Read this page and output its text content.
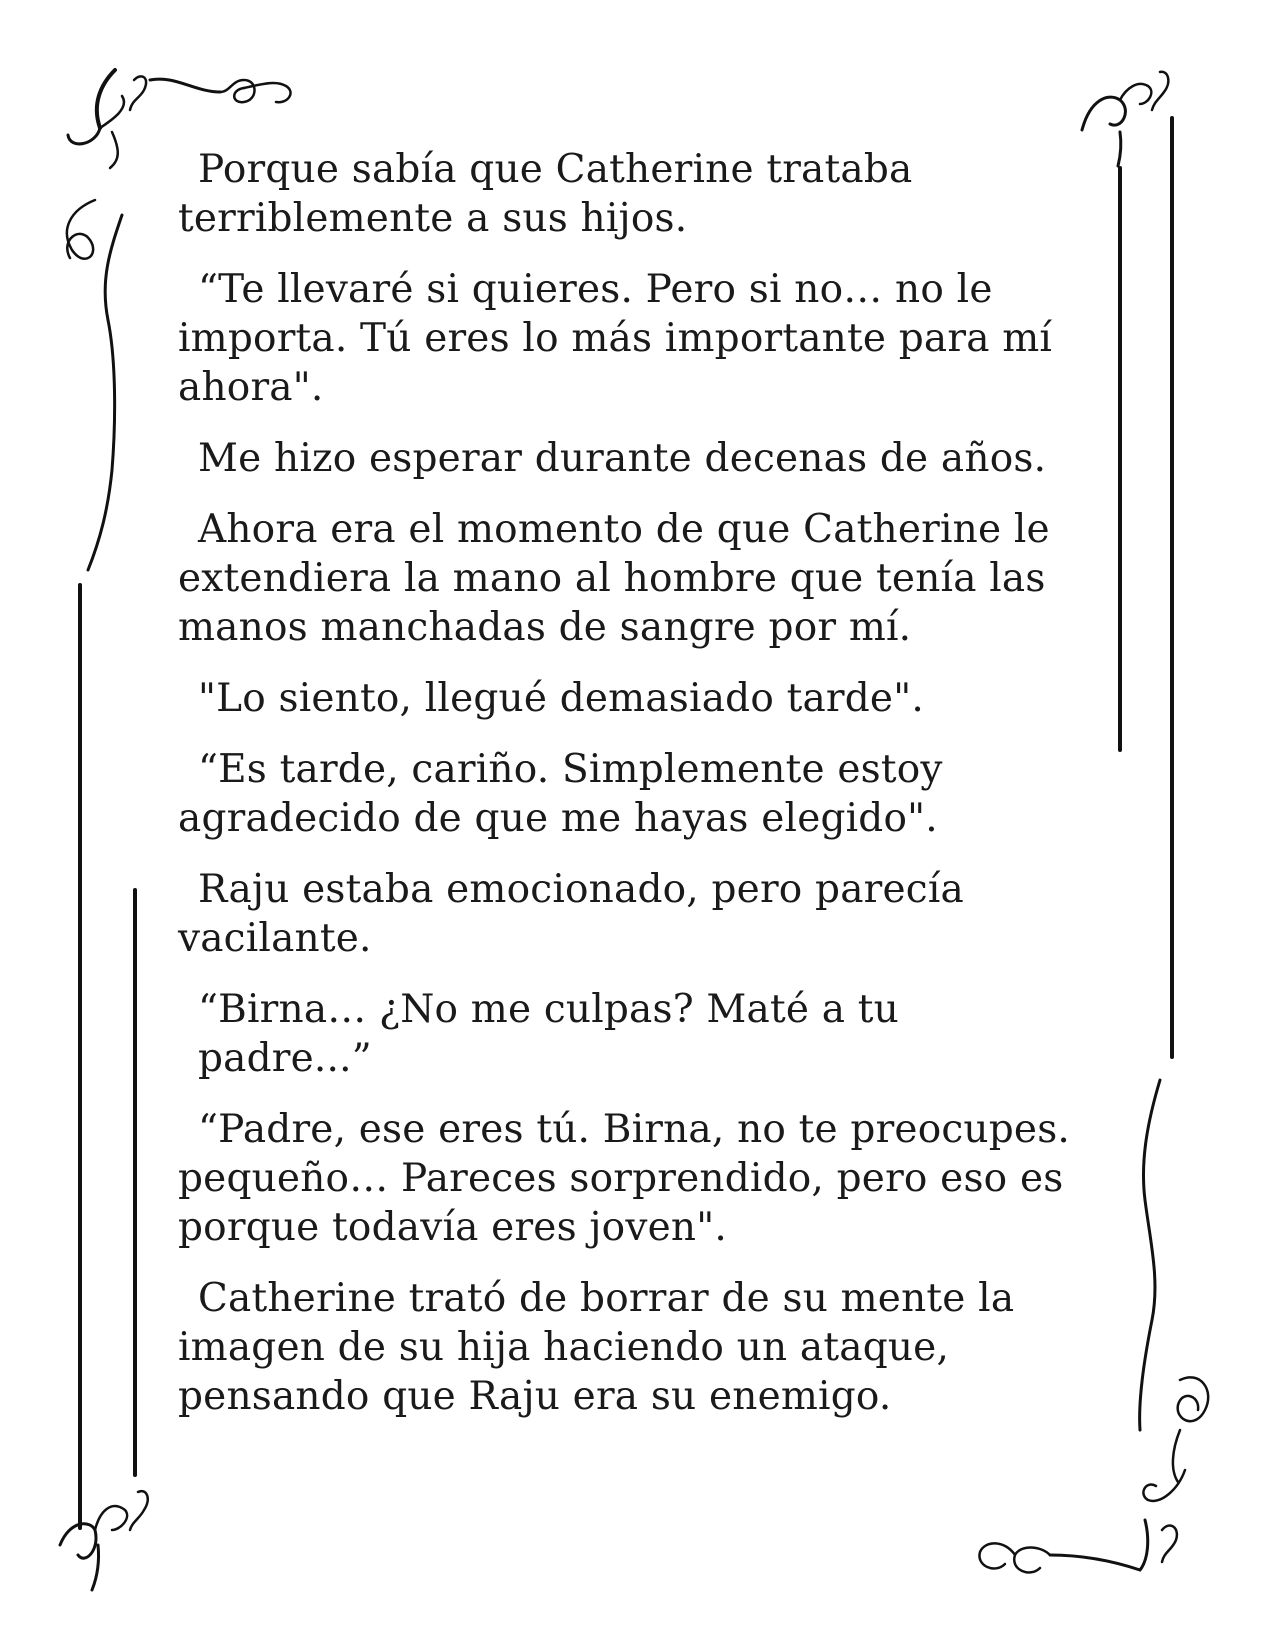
Porque sabía que Catherine trataba
terriblemente a sus hijos.

“Te llevaré si quieres. Pero si no… no le
importa. Tú eres lo más importante para mí
ahora".

Me hizo esperar durante decenas de años.

Ahora era el momento de que Catherine le
extendiera la mano al hombre que tenía las
manos manchadas de sangre por mí.

"Lo siento, llegué demasiado tarde".

“Es tarde, cariño. Simplemente estoy
agradecido de que me hayas elegido".

Raju estaba emocionado, pero parecía
vacilante.

“Birna… ¿No me culpas? Maté a tu padre...”

“Padre, ese eres tú. Birna, no te preocupes.
pequeño… Pareces sorprendido, pero eso es
porque todavía eres joven".

Catherine trató de borrar de su mente la
imagen de su hija haciendo un ataque,
pensando que Raju era su enemigo.
